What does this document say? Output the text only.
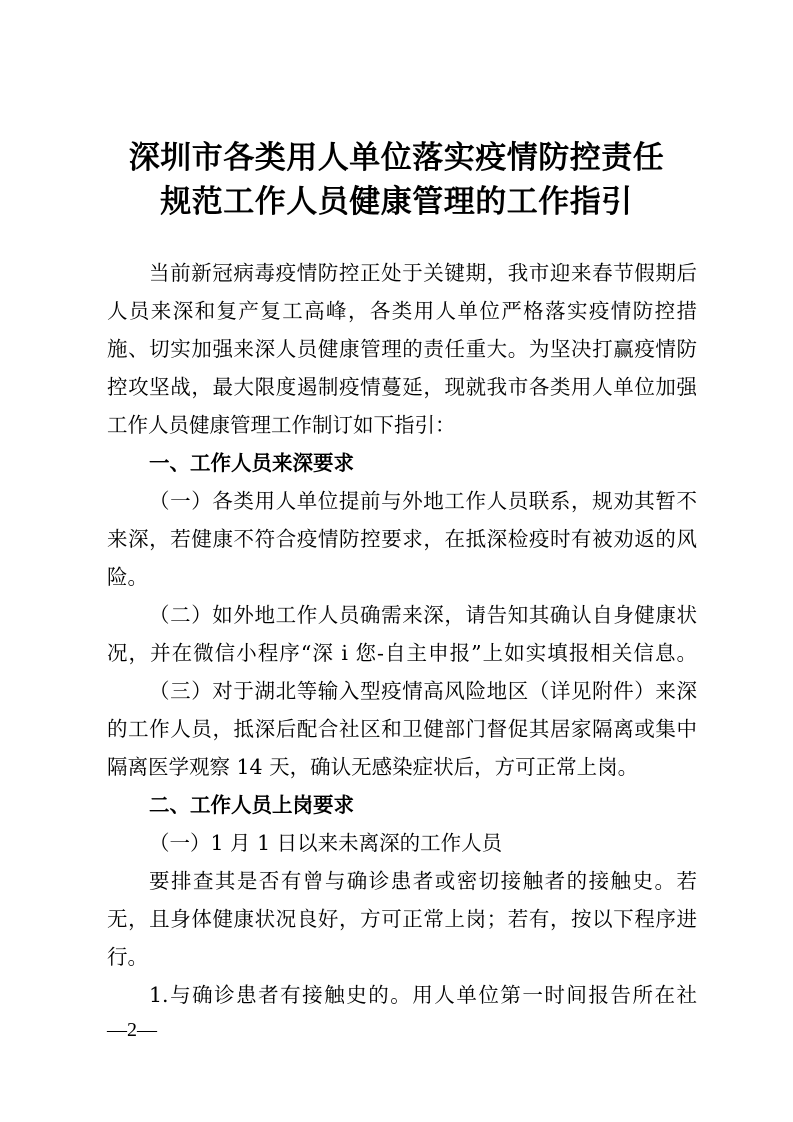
深圳市各类用人单位落实疫情防控责任
规范工作人员健康管理的工作指引
当前新冠病毒疫情防控正处于关键期，我市迎来春节假期后
人员来深和复产复工高峰，各类用人单位严格落实疫情防控措
施、切实加强来深人员健康管理的责任重大。为坚决打赢疫情防
控攻坚战，最大限度遏制疫情蔓延，现就我市各类用人单位加强
工作人员健康管理工作制订如下指引：
一、工作人员来深要求
（一）各类用人单位提前与外地工作人员联系，规劝其暂不
来深，若健康不符合疫情防控要求，在抵深检疫时有被劝返的风
险。
（二）如外地工作人员确需来深，请告知其确认自身健康状
况，并在微信小程序“深 i 您-自主申报”上如实填报相关信息。
（三）对于湖北等输入型疫情高风险地区（详见附件）来深
的工作人员，抵深后配合社区和卫健部门督促其居家隔离或集中
隔离医学观察 14 天，确认无感染症状后，方可正常上岗。
二、工作人员上岗要求
（一）1 月 1 日以来未离深的工作人员
要排查其是否有曾与确诊患者或密切接触者的接触史。若
无，且身体健康状况良好，方可正常上岗；若有，按以下程序进
行。
1.与确诊患者有接触史的。用人单位第一时间报告所在社
—2—
